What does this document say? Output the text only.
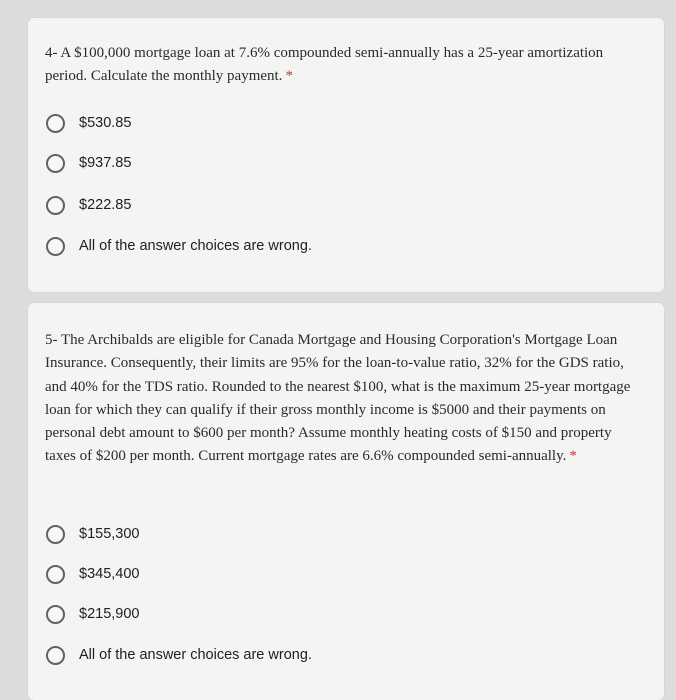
4- A $100,000 mortgage loan at 7.6% compounded semi-annually has a 25-year amortization period. Calculate the monthly payment. *

$530.85
$937.85
$222.85
All of the answer choices are wrong.

5- The Archibalds are eligible for Canada Mortgage and Housing Corporation's Mortgage Loan Insurance. Consequently, their limits are 95% for the loan-to-value ratio, 32% for the GDS ratio, and 40% for the TDS ratio. Rounded to the nearest $100, what is the maximum 25-year mortgage loan for which they can qualify if their gross monthly income is $5000 and their payments on personal debt amount to $600 per month? Assume monthly heating costs of $150 and property taxes of $200 per month. Current mortgage rates are 6.6% compounded semi-annually. *

$155,300
$345,400
$215,900
All of the answer choices are wrong.
